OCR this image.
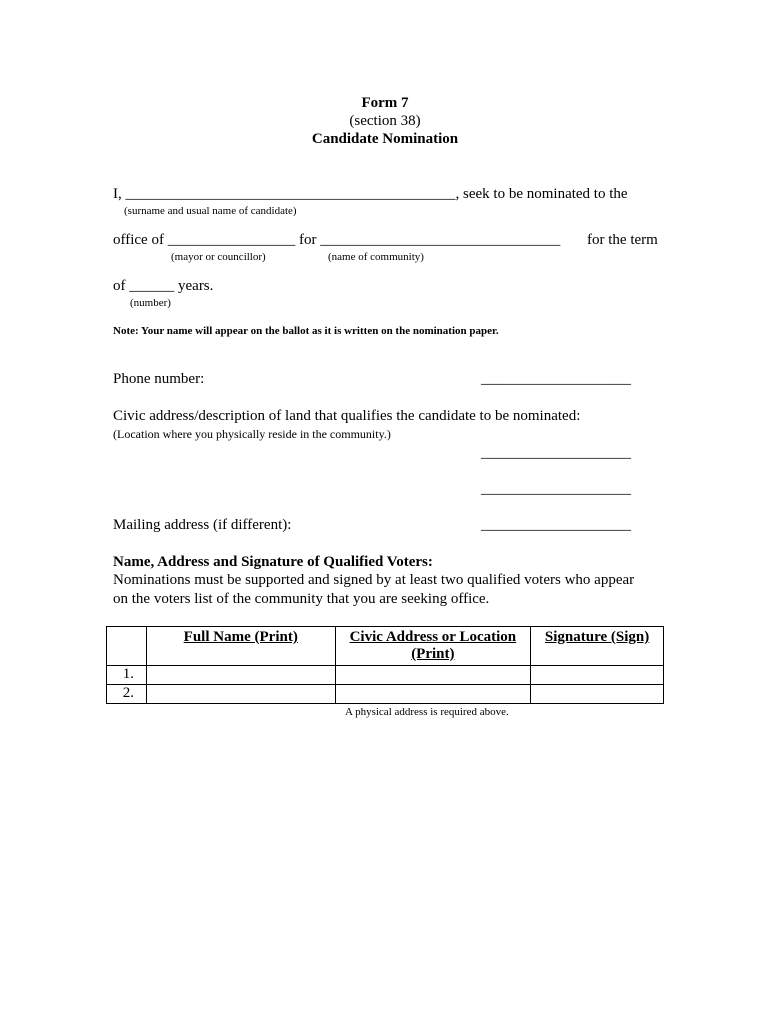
Form 7
(section 38)
Candidate Nomination
I, ____________________________________________, seek to be nominated to the
(surname and usual name of candidate)
office of _________________ for ________________________________ for the term
(mayor or councillor)	(name of community)
of ______ years.
(number)
Note: Your name will appear on the ballot as it is written on the nomination paper.
Phone number:	____________________
Civic address/description of land that qualifies the candidate to be nominated:
(Location where you physically reside in the community.)
____________________
____________________
Mailing address (if different):	____________________
Name, Address and Signature of Qualified Voters:
Nominations must be supported and signed by at least two qualified voters who appear
on the voters list of the community that you are seeking office.
	Full Name (Print)	Civic Address or Location (Print)	Signature (Sign)
1.			
2.			
A physical address is required above.
